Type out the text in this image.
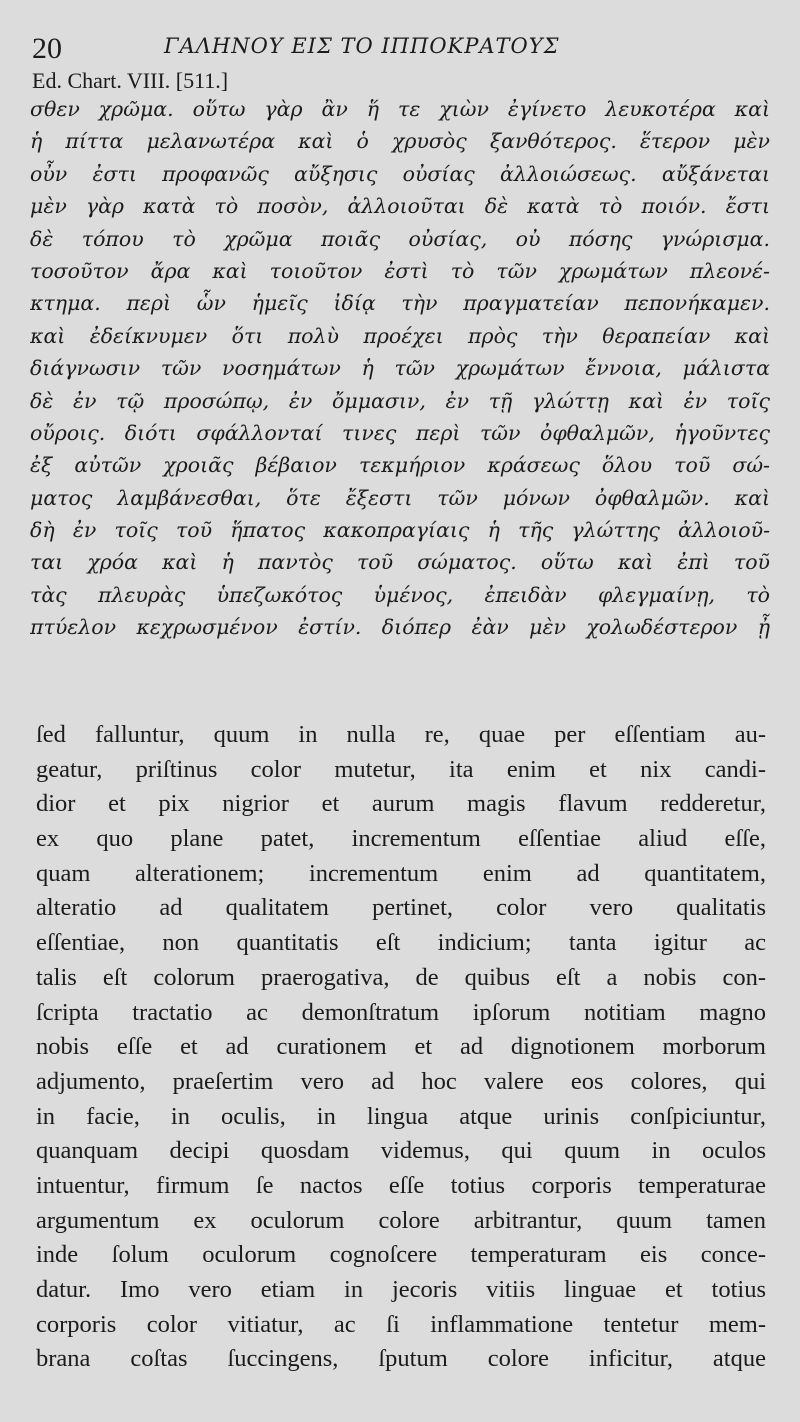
20	ΓΑΛΗΝΟΥ ΕΙΣ ΤΟ ΙΠΠΟΚΡΑΤΟΥΣ
Ed. Chart. VIII. [511.]
σθεν χρῶμα. οὕτω γὰρ ἂν ἥ τε χιὼν ἐγίνετο λευκοτέρα καὶ
ἡ πίττα μελανωτέρα καὶ ὁ χρυσὸς ξανθότερος. ἕτερον μὲν
οὖν ἐστι προφανῶς αὔξησις οὐσίας ἀλλοιώσεως. αὔξάνεται
μὲν γὰρ κατὰ τὸ ποσὸν, ἀλλοιοῦται δὲ κατὰ τὸ ποιόν. ἔστι
δὲ τόπου τὸ χρῶμα ποιᾶς οὐσίας, οὐ πόσης γνώρισμα.
τοσοῦτον ἄρα καὶ τοιοῦτον ἐστὶ τὸ τῶν χρωμάτων πλεονέ-
κτημα. περὶ ὧν ἡμεῖς ἰδίᾳ τὴν πραγματείαν πεπονήκαμεν.
καὶ ἐδείκνυμεν ὅτι πολὺ προέχει πρὸς τὴν θεραπείαν καὶ
διάγνωσιν τῶν νοσημάτων ἡ τῶν χρωμάτων ἔννοια, μάλιστα
δὲ ἐν τῷ προσώπῳ, ἐν ὄμμασιν, ἐν τῇ γλώττῃ καὶ ἐν τοῖς
οὔροις. διότι σφάλλονταί τινες περὶ τῶν ὀφθαλμῶν, ἡγοῦντες
ἐξ αὐτῶν χροιᾶς βέβαιον τεκμήριον κράσεως ὅλου τοῦ σώ-
ματος λαμβάνεσθαι, ὅτε ἔξεστι τῶν μόνων ὀφθαλμῶν. καὶ
δὴ ἐν τοῖς τοῦ ἥπατος κακοπραγίαις ἡ τῆς γλώττης ἀλλοιοῦ-
ται χρόα καὶ ἡ παντὸς τοῦ σώματος. οὕτω καὶ ἐπὶ τοῦ
τὰς πλευρὰς ὑπεζωκότος ὑμένος, ἐπειδὰν φλεγμαίνῃ, τὸ
πτύελον κεχρωσμένον ἐστίν. διόπερ ἐὰν μὲν χολωδέστερον ᾖ
ſed falluntur, quum in nulla re, quae per eſſentiam au-
geatur, priſtinus color mutetur, ita enim et nix candi-
dior et pix nigrior et aurum magis flavum redderetur,
ex quo plane patet, incrementum eſſentiae aliud eſſe,
quam alterationem; incrementum enim ad quantitatem,
alteratio ad qualitatem pertinet, color vero qualitatis
eſſentiae, non quantitatis eſt indicium; tanta igitur ac
talis eſt colorum praerogativa, de quibus eſt a nobis con-
ſcripta tractatio ac demonſtratum ipſorum notitiam magno
nobis eſſe et ad curationem et ad dignotionem morborum
adjumento, praeſertim vero ad hoc valere eos colores, qui
in facie, in oculis, in lingua atque urinis conſpiciuntur,
quanquam decipi quosdam videmus, qui quum in oculos
intuentur, firmum ſe nactos eſſe totius corporis temperaturae
argumentum ex oculorum colore arbitrantur, quum tamen
inde ſolum oculorum cognoſcere temperaturam eis conce-
datur. Imo vero etiam in jecoris vitiis linguae et totius
corporis color vitiatur, ac ſi inflammatione tentetur mem-
brana coſtas ſuccingens, ſputum colore inficitur, atque
